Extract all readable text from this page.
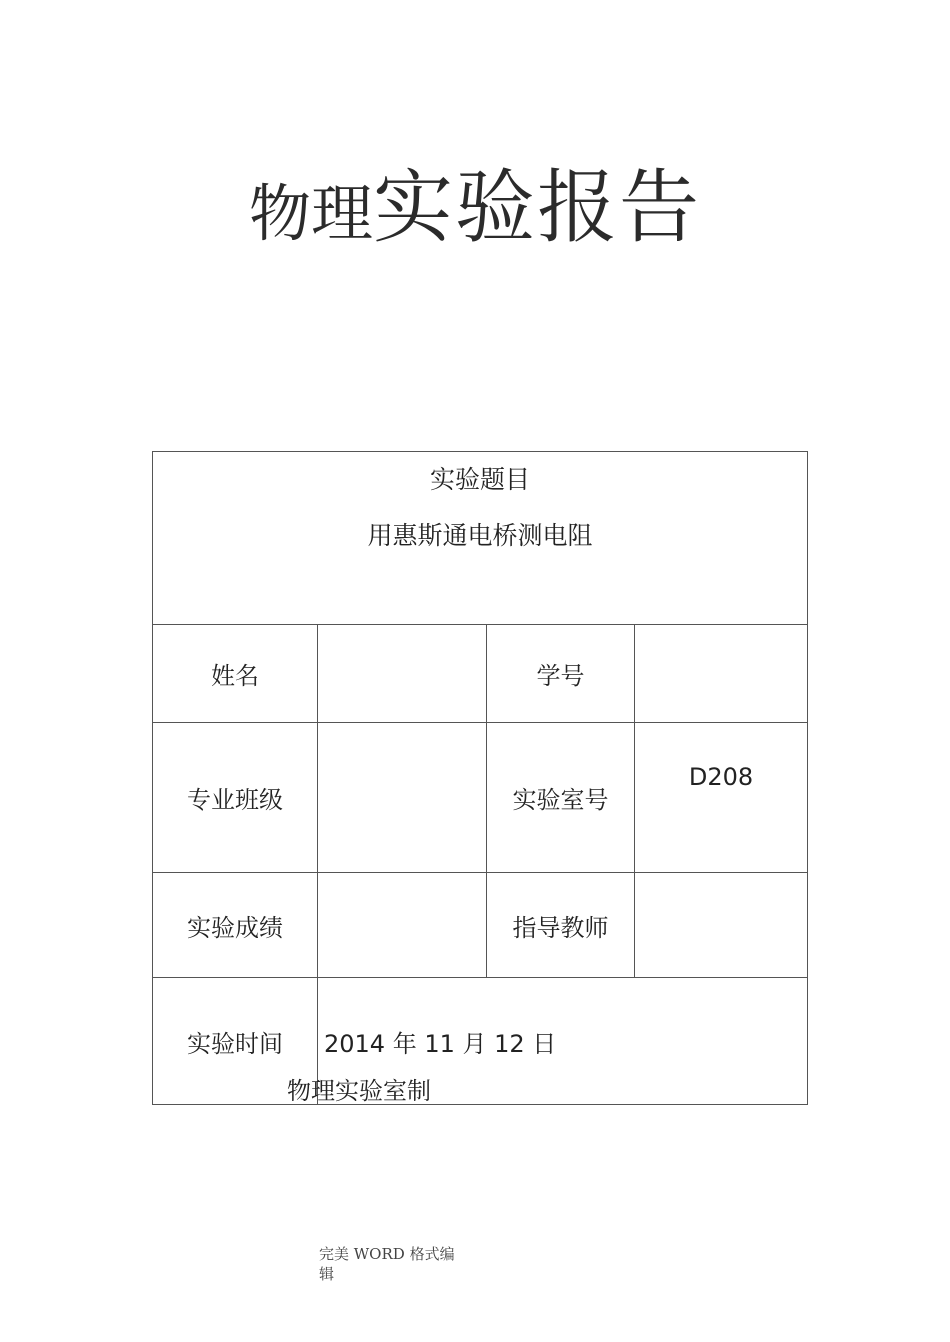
物理实验报告
实验题目
用惠斯通电桥测电阻			

姓名		学号	
专业班级		实验室号	D208
实验成绩		指导教师	
实验时间	2014 年 11 月 12 日		
物理实验室制
完美 WORD 格式编辑
